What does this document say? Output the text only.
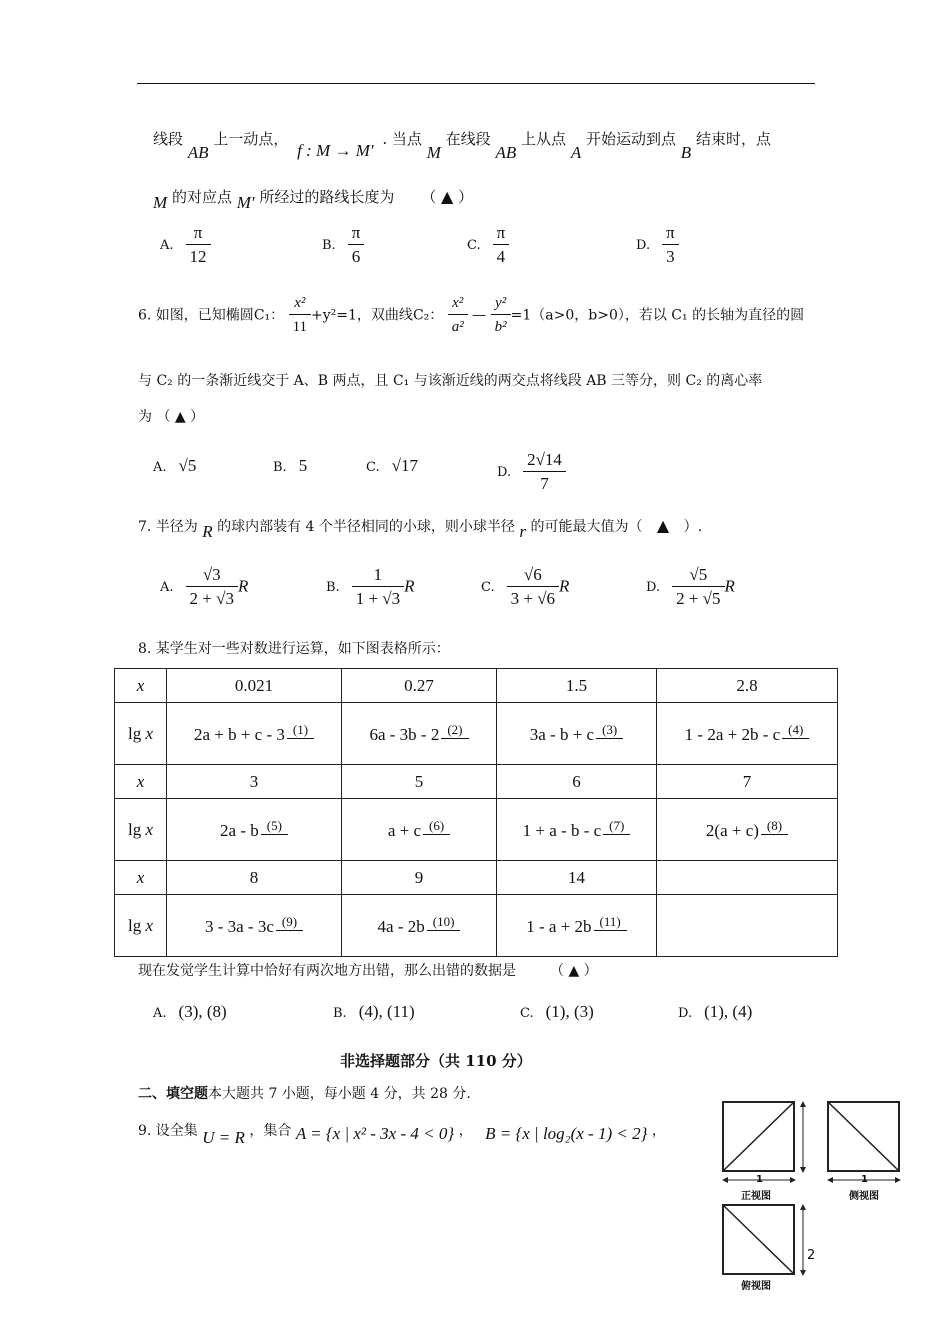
线段 AB 上一动点， f : M → M′ . 当点 M 在线段 AB 上从点 A 开始运动到点 B 结束时，点
M 的对应点 M′ 所经过的路线长度为 （ ▲ ）
A. $\frac{\pi}{12}$	B. $\frac{\pi}{6}$	C. $\frac{\pi}{4}$	D. $\frac{\pi}{3}$
6. 如图，已知椭圆C₁： $\frac{\text{x²}}{11} +y^2=1$，双曲线C₂： $\frac{\text{x²}}{\text{a²}}$ — $\frac{\text{y²}}{\text{b²}} =1(a>0$，b>0），若以 C₁ 的长轴为直径的圆
与 C₂ 的一条渐近线交于 A、B 两点，且 C₁ 与该渐近线的两交点将线段 AB 三等分，则 C₂ 的离心率
为 （ ▲ ）
A. √5	B. 5	C. √17	D. $\frac{2√14}{7}$
7. 半径为 R 的球内部装有 4 个半径相同的小球，则小球半径 r 的可能最大值为（ ▲ ）.
A. $\frac{√3}{2 + √3}$ R	B. $\frac{1}{1 + √3}$ R	C. $\frac{√6}{3 + √6}$ R	D. $\frac{√5}{2 + √5}$ R
8. 某学生对一些对数进行运算，如下图表格所示：
x	0.021	0.27	1.5	2.8
lg x	2a + b + c - 3 (1)	6a - 3b - 2 (2)	3a - b + c (3)	1 - 2a + 2b - c (4)
x	3	5	6	7
lg x	2a - b (5)	a + c (6)	1 + a - b - c (7)	2(a + c) (8)
x	8	9	14	
lg x	3 - 3a - 3c (9)	4a - 2b (10)	1 - a + 2b (11)	
现在发觉学生计算中恰好有两次地方出错，那么出错的数据是 （ ▲ ）
A. (3), (8)	B. (4), (11)	C. (1), (3)	D. (1), (4)
非选择题部分（共 110 分）
二、填空题本大题共 7 小题，每小题 4 分，共 28 分.
9. 设全集 U = R ，集合 A = {x | x² - 3x - 4 < 0} ， B = {x | log₂(x - 1) < 2} ，
1
正视图
1
侧视图
2
俯视图
